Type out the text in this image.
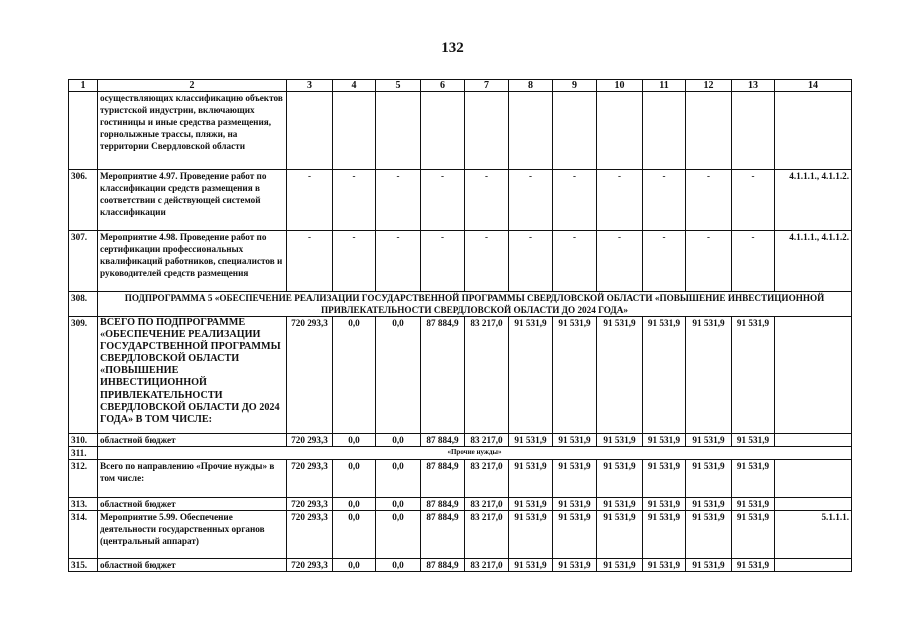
132
1	2	3	4	5	6	7	8	9	10	11	12	13	14
	осуществляющих классификацию объектов туристской индустрии, включающих гостиницы и иные средства размещения, горнолыжные трассы, пляжи, на территории Свердловской области												
306.	Мероприятие 4.97. Проведение работ по классификации средств размещения в соответствии с действующей системой классификации	-	-	-	-	-	-	-	-	-	-	-	4.1.1.1., 4.1.1.2.
307.	Мероприятие 4.98. Проведение работ по сертификации профессиональных квалификаций работников, специалистов и руководителей средств размещения	-	-	-	-	-	-	-	-	-	-	-	4.1.1.1., 4.1.1.2.
308.	ПОДПРОГРАММА 5 «ОБЕСПЕЧЕНИЕ РЕАЛИЗАЦИИ ГОСУДАРСТВЕННОЙ ПРОГРАММЫ СВЕРДЛОВСКОЙ ОБЛАСТИ «ПОВЫШЕНИЕ ИНВЕСТИЦИОННОЙ ПРИВЛЕКАТЕЛЬНОСТИ СВЕРДЛОВСКОЙ ОБЛАСТИ ДО 2024 ГОДА»												
309.	ВСЕГО ПО ПОДПРОГРАММЕ «ОБЕСПЕЧЕНИЕ РЕАЛИЗАЦИИ ГОСУДАРСТВЕННОЙ ПРОГРАММЫ СВЕРДЛОВСКОЙ ОБЛАСТИ «ПОВЫШЕНИЕ ИНВЕСТИЦИОННОЙ ПРИВЛЕКАТЕЛЬНОСТИ СВЕРДЛОВСКОЙ ОБЛАСТИ ДО 2024 ГОДА» В ТОМ ЧИСЛЕ:	720 293,3	0,0	0,0	87 884,9	83 217,0	91 531,9	91 531,9	91 531,9	91 531,9	91 531,9	91 531,9	
310.	областной бюджет	720 293,3	0,0	0,0	87 884,9	83 217,0	91 531,9	91 531,9	91 531,9	91 531,9	91 531,9	91 531,9	
311.	«Прочие нужды»												
312.	Всего по направлению «Прочие нужды» в том числе:	720 293,3	0,0	0,0	87 884,9	83 217,0	91 531,9	91 531,9	91 531,9	91 531,9	91 531,9	91 531,9	
313.	областной бюджет	720 293,3	0,0	0,0	87 884,9	83 217,0	91 531,9	91 531,9	91 531,9	91 531,9	91 531,9	91 531,9	
314.	Мероприятие 5.99. Обеспечение деятельности государственных органов (центральный аппарат)	720 293,3	0,0	0,0	87 884,9	83 217,0	91 531,9	91 531,9	91 531,9	91 531,9	91 531,9	91 531,9	5.1.1.1.
315.	областной бюджет	720 293,3	0,0	0,0	87 884,9	83 217,0	91 531,9	91 531,9	91 531,9	91 531,9	91 531,9	91 531,9	
